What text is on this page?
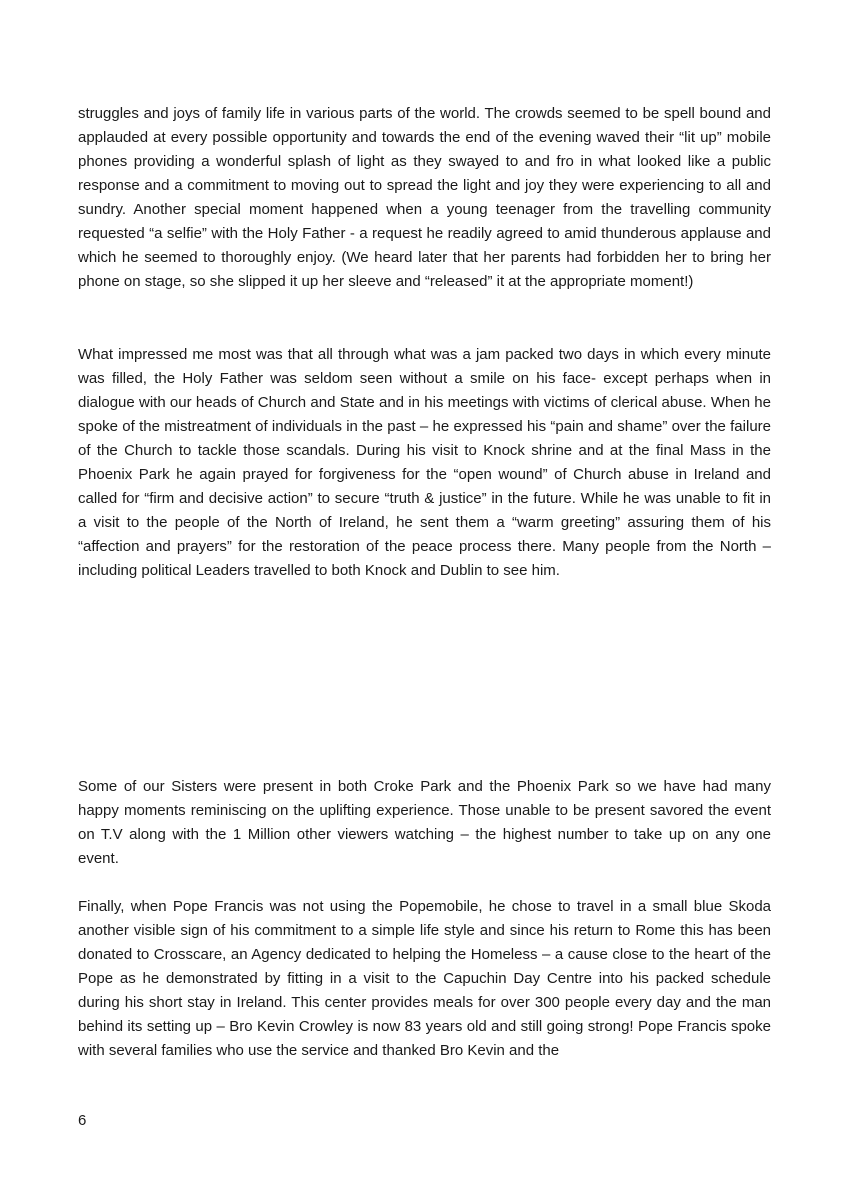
struggles and joys of family life in various parts of the world. The crowds seemed to be spell bound and applauded at every possible opportunity and towards the end of the evening waved their “lit up” mobile phones providing a wonderful splash of light as they swayed to and fro in what looked like a public response and a commitment to moving out to spread the light and joy they were experiencing to all and sundry. Another special moment happened when a young teenager from the travelling community requested “a selfie” with the Holy Father - a request he readily agreed to amid thunderous applause and which he seemed to thoroughly enjoy. (We heard later that her parents had forbidden her to bring her phone on stage, so she slipped it up her sleeve and “released” it at the appropriate moment!)

What impressed me most was that all through what was a jam packed two days in which every minute was filled, the Holy Father was seldom seen without a smile on his face- except perhaps when in dialogue with our heads of Church and State and in his meetings with victims of clerical abuse. When he spoke of the mistreatment of individuals in the past – he expressed his “pain and shame” over the failure of the Church to tackle those scandals. During his visit to Knock shrine and at the final Mass in the Phoenix Park he again prayed for forgiveness for the “open wound” of Church abuse in Ireland and called for “firm and decisive action” to secure “truth & justice” in the future. While he was unable to fit in a visit to the people of the North of Ireland, he sent them a “warm greeting” assuring them of his “affection and prayers” for the restoration of the peace process there. Many people from the North –including political Leaders travelled to both Knock and Dublin to see him.

Some of our Sisters were present in both Croke Park and the Phoenix Park so we have had many happy moments reminiscing on the uplifting experience. Those unable to be present savored the event on T.V along with the 1 Million other viewers watching – the highest number to take up on any one event.

Finally, when Pope Francis was not using the Popemobile, he chose to travel in a small blue Skoda another visible sign of his commitment to a simple life style and since his return to Rome this has been donated to Crosscare, an Agency dedicated to helping the Homeless – a cause close to the heart of the Pope as he demonstrated by fitting in a visit to the Capuchin Day Centre into his packed schedule during his short stay in Ireland. This center provides meals for over 300 people every day and the man behind its setting up – Bro Kevin Crowley is now 83 years old and still going strong! Pope Francis spoke with several families who use the service and thanked Bro Kevin and the

6
